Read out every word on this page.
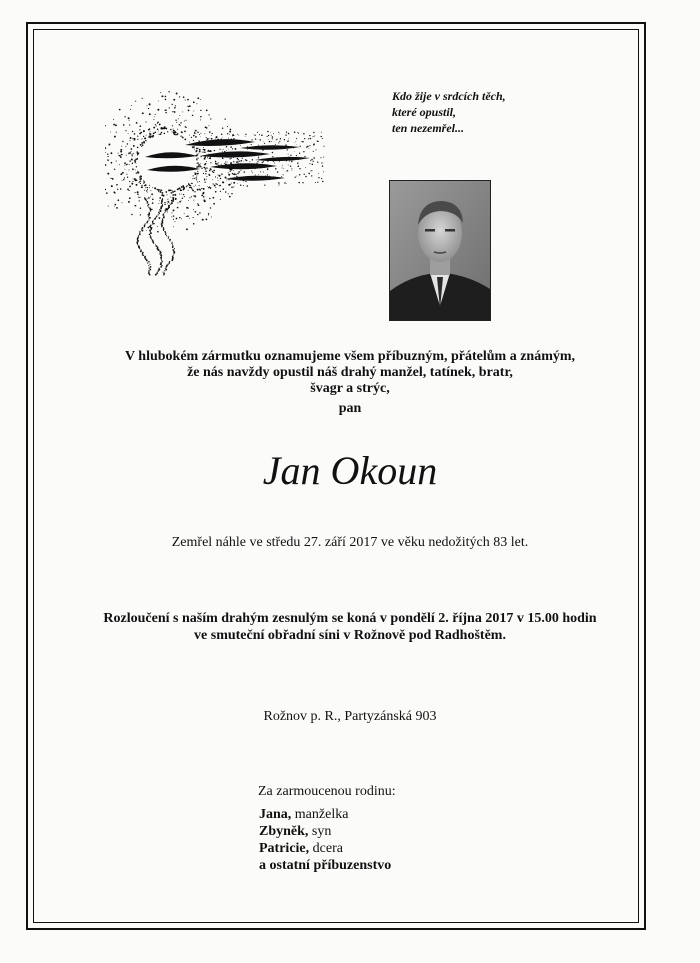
Kdo žije v srdcích těch,
které opustil,
ten nezemřel...
V hlubokém zármutku oznamujeme všem příbuzným, přátelům a známým,
že nás navždy opustil náš drahý manžel, tatínek, bratr,
švagr a strýc,
pan
Jan Okoun
Zemřel náhle ve středu 27. září 2017 ve věku nedožitých 83 let.
Rozloučení s naším drahým zesnulým se koná v pondělí 2. října 2017 v 15.00 hodin
ve smuteční obřadní síni v Rožnově pod Radhoštěm.
Rožnov p. R., Partyzánská 903
Za zarmoucenou rodinu:
Jana, manželka
Zbyněk, syn
Patricie, dcera
a ostatní příbuzenstvo
